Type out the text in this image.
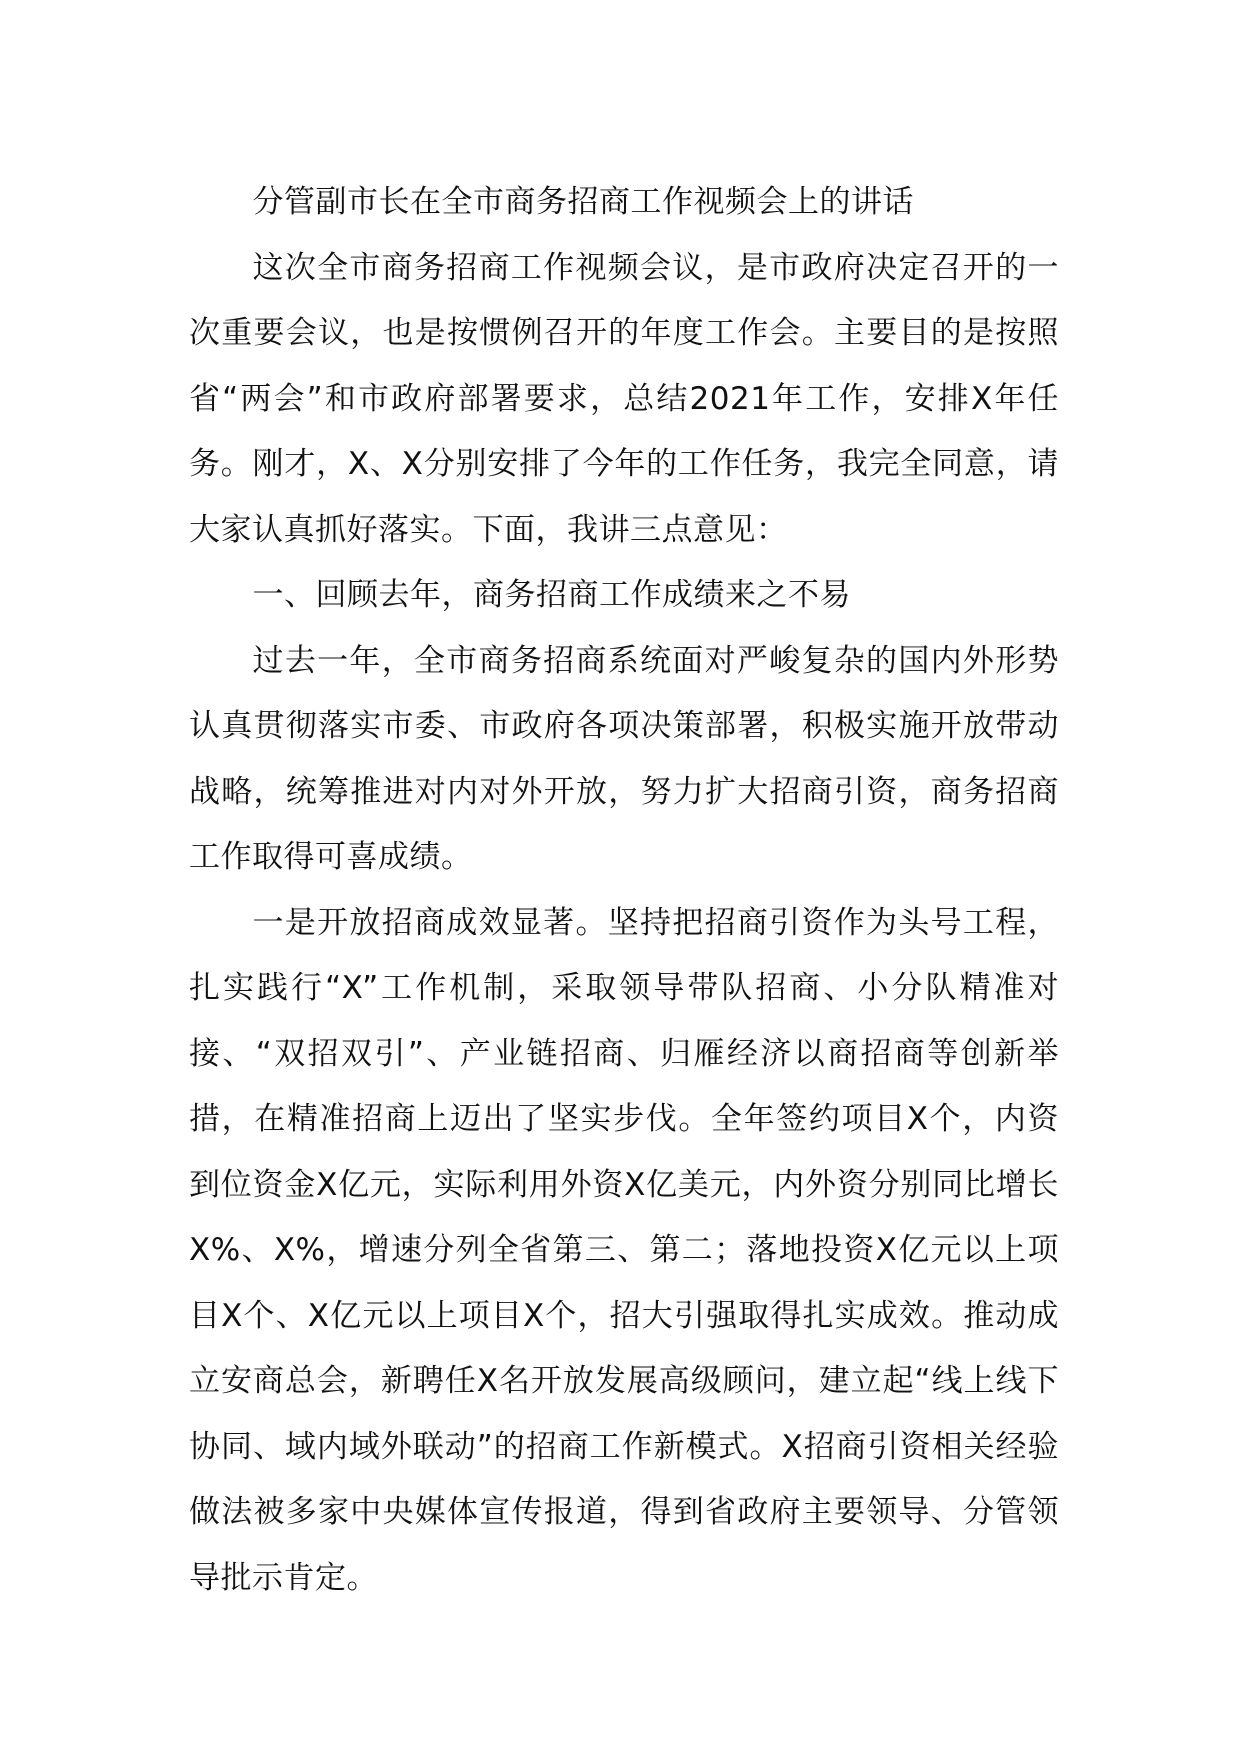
分管副市长在全市商务招商工作视频会上的讲话

这次全市商务招商工作视频会议，是市政府决定召开的一次重要会议，也是按惯例召开的年度工作会。主要目的是按照省“两会”和市政府部署要求，总结2021年工作，安排X年任务。刚才，X、X分别安排了今年的工作任务，我完全同意，请大家认真抓好落实。下面，我讲三点意见：

一、回顾去年，商务招商工作成绩来之不易

过去一年，全市商务招商系统面对严峻复杂的国内外形势认真贯彻落实市委、市政府各项决策部署，积极实施开放带动战略，统筹推进对内对外开放，努力扩大招商引资，商务招商工作取得可喜成绩。

一是开放招商成效显著。坚持把招商引资作为头号工程，扎实践行“X”工作机制，采取领导带队招商、小分队精准对接、“双招双引”、产业链招商、归雁经济以商招商等创新举措，在精准招商上迈出了坚实步伐。全年签约项目X个，内资到位资金X亿元，实际利用外资X亿美元，内外资分别同比增长X%、X%，增速分列全省第三、第二；落地投资X亿元以上项目X个、X亿元以上项目X个，招大引强取得扎实成效。推动成立安商总会，新聘任X名开放发展高级顾问，建立起“线上线下协同、域内域外联动”的招商工作新模式。X招商引资相关经验做法被多家中央媒体宣传报道，得到省政府主要领导、分管领导批示肯定。
